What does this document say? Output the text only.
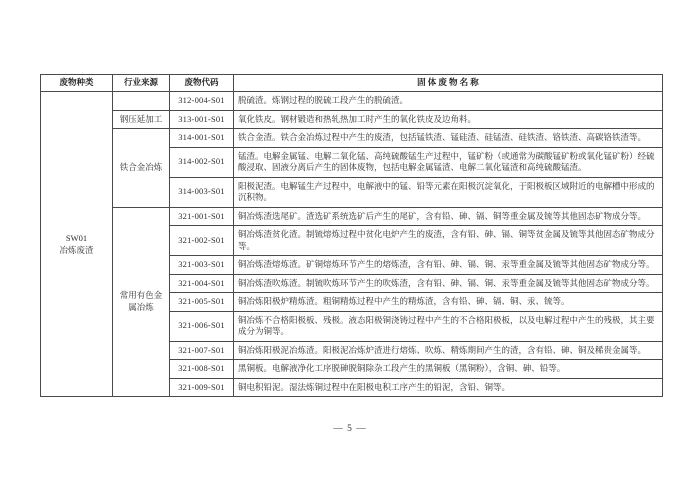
废物种类	行业来源	废物代码	固 体 废 物 名 称

SW01
冶炼废渣		312-004-S01	脱硫渣。炼钢过程的脱硫工段产生的脱硫渣。
	钢压延加工	313-001-S01	氧化铁皮。钢材锻造和热轧热加工时产生的氧化铁皮及边角料。
	铁合金冶炼	314-001-S01	铁合金渣。铁合金冶炼过程中产生的废渣，包括锰铁渣、锰硅渣、硅锰渣、硅铁渣、铬铁渣、高碳铬铁渣等。
		314-002-S01	锰渣。电解金属锰、电解二氧化锰、高纯硫酸锰生产过程中，锰矿粉（或通常为碳酸锰矿粉或氧化锰矿粉）经硫酸浸取、固液分离后产生的固体废物，包括电解金属锰渣、电解二氧化锰渣和高纯硫酸锰渣。
		314-003-S01	阳极泥渣。电解锰生产过程中，电解液中的锰、铅等元素在阳极沉淀氧化，于阳极板区域附近的电解槽中形成的沉积物。
	常用有色金属冶炼	321-001-S01	铜冶炼渣选尾矿。渣选矿系统选矿后产生的尾矿，含有铅、砷、镉、铜等重金属及锍等其他固态矿物成分等。
		321-002-S01	铜冶炼渣贫化渣。制锍熔炼过程中贫化电炉产生的废渣，含有铅、砷、镉、铜等贫金属及锍等其他固态矿物成分等。
		321-003-S01	铜冶炼渣熔炼渣。矿铜熔炼环节产生的熔炼渣，含有铅、砷、镉、铜、汞等重金属及锍等其他固态矿物成分等。
		321-004-S01	铜冶炼渣吹炼渣。制锍吹炼环节产生的吹炼渣，含有铅、砷、镉、铜、汞等重金属及锍等其他固态矿物成分等。
		321-005-S01	铜冶炼阳极炉精炼渣。粗铜精炼过程中产生的精炼渣，含有铅、砷、镉、铜、汞、锍等。
		321-006-S01	铜冶炼不合格阳极板、残极。液态阳极铜浇铸过程中产生的不合格阳极板，以及电解过程中产生的残极，其主要成分为铜等。
		321-007-S01	铜冶炼阳极泥冶炼渣。阳极泥冶炼炉渣进行熔炼、吹炼、精炼期间产生的渣，含有铅、砷、铜及稀贵金属等。
		321-008-S01	黑铜板。电解液净化工序脱砷脱铜除杂工段产生的黑铜板（黑铜粉），含铜、砷、铅等。
		321-009-S01	铜电积铅泥。湿法炼铜过程中在阳极电积工序产生的铅泥，含铅、铜等。
— 5 —
